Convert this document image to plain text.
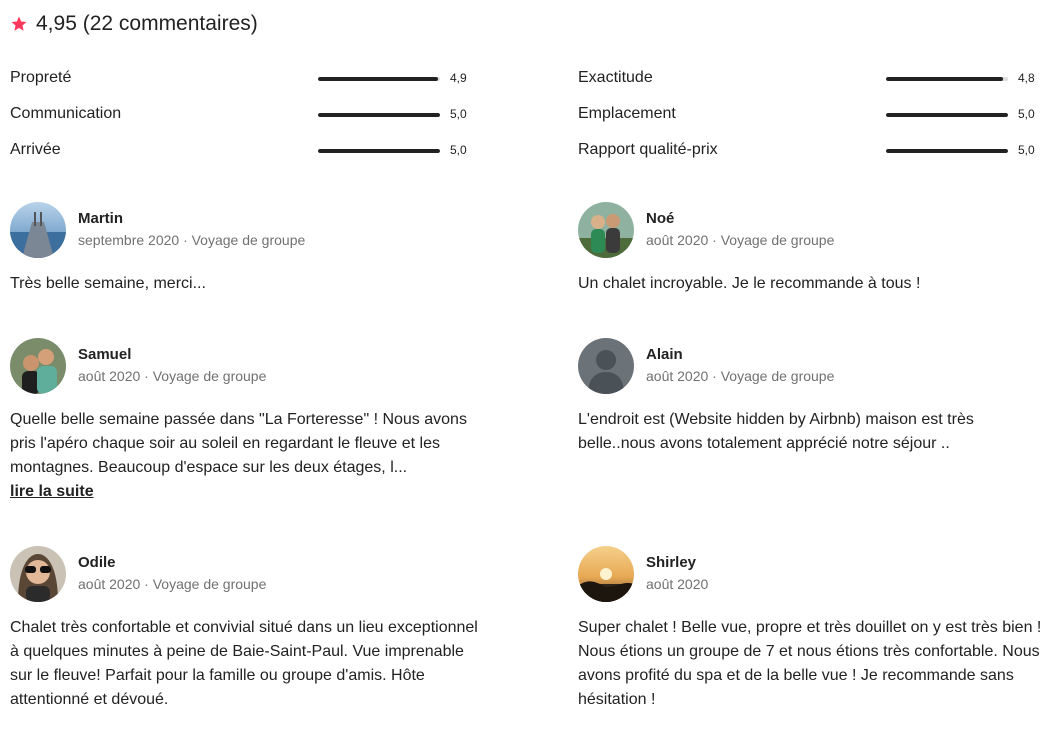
4,95 (22 commentaires)
Propreté	4,9
Communication	5,0
Arrivée	5,0
Exactitude	4,8
Emplacement	5,0
Rapport qualité-prix	5,0
Martin
septembre 2020 · Voyage de groupe
Très belle semaine, merci...
Noé
août 2020 · Voyage de groupe
Un chalet incroyable. Je le recommande à tous !
Samuel
août 2020 · Voyage de groupe
Quelle belle semaine passée dans "La Forteresse" ! Nous avons pris l'apéro chaque soir au soleil en regardant le fleuve et les montagnes. Beaucoup d'espace sur les deux étages, l...
lire la suite
Alain
août 2020 · Voyage de groupe
L'endroit est (Website hidden by Airbnb) maison est très belle..nous avons totalement apprécié notre séjour ..
Odile
août 2020 · Voyage de groupe
Chalet très confortable et convivial situé dans un lieu exceptionnel à quelques minutes à peine de Baie-Saint-Paul. Vue imprenable sur le fleuve! Parfait pour la famille ou groupe d'amis. Hôte attentionné et dévoué.
Shirley
août 2020
Super chalet ! Belle vue, propre et très douillet on y est très bien ! Nous étions un groupe de 7 et nous étions très confortable. Nous avons profité du spa et de la belle vue ! Je recommande sans hésitation !
